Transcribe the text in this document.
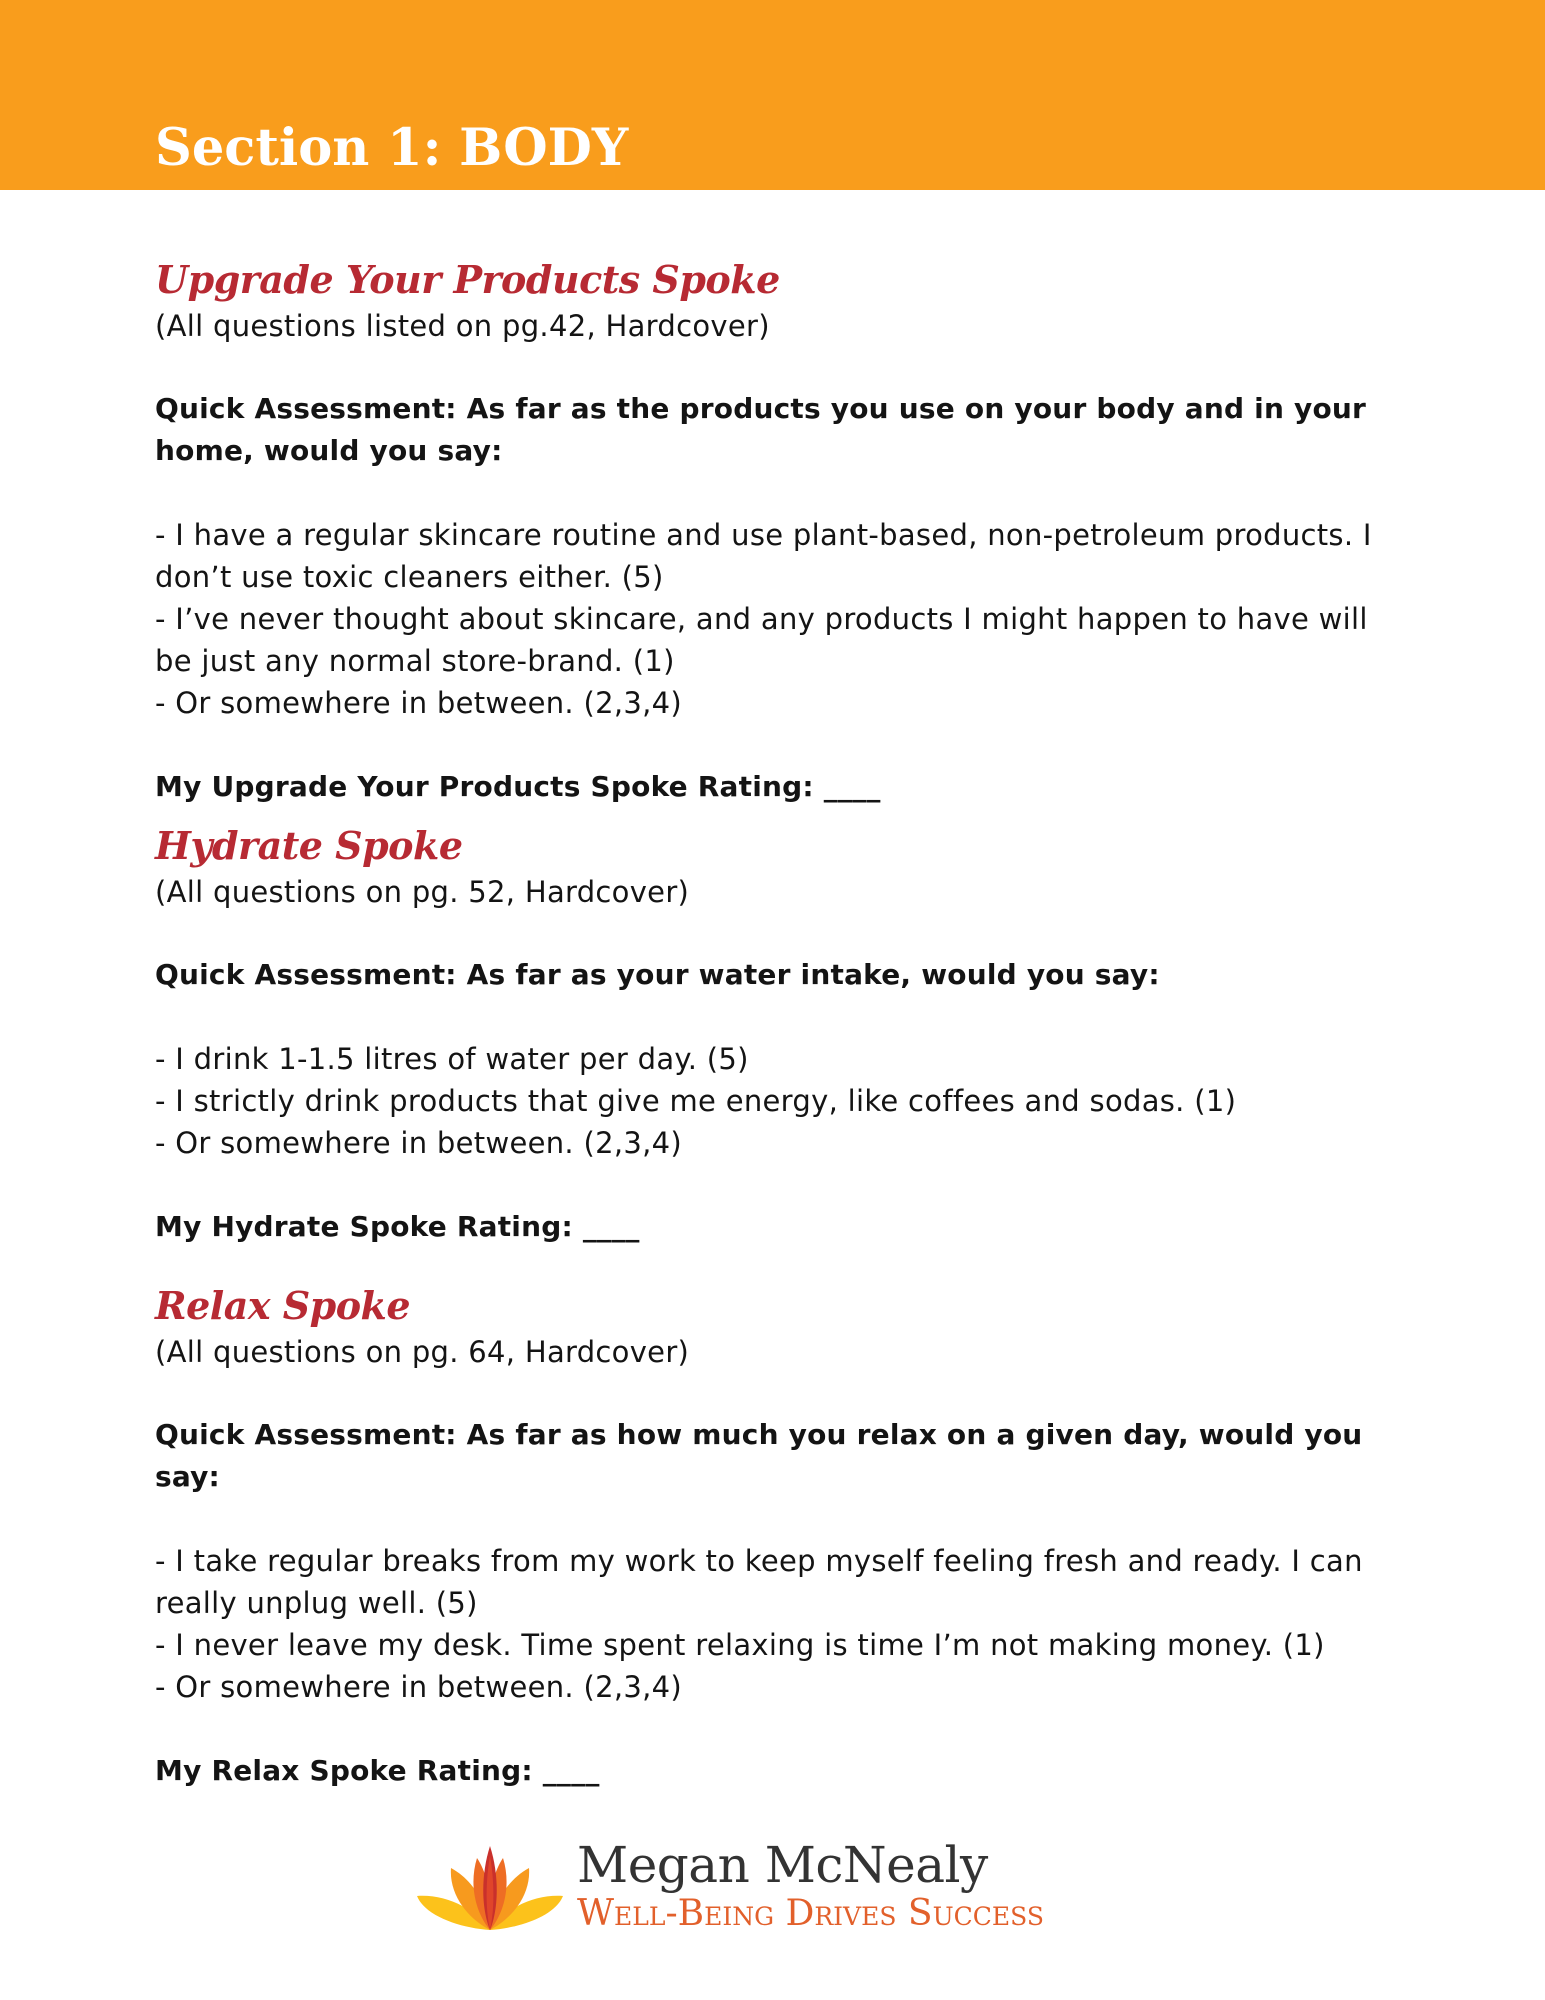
Section 1: BODY
Upgrade Your Products Spoke

(All questions listed on pg.42, Hardcover)

Quick Assessment: As far as the products you use on your body and in your home, would you say:

- I have a regular skincare routine and use plant-based, non-petroleum products. I don’t use toxic cleaners either. (5)
- I’ve never thought about skincare, and any products I might happen to have will be just any normal store-brand. (1)
- Or somewhere in between. (2,3,4)

My Upgrade Your Products Spoke Rating: ____

Hydrate Spoke

(All questions on pg. 52, Hardcover)

Quick Assessment: As far as your water intake, would you say:

- I drink 1-1.5 litres of water per day. (5)
- I strictly drink products that give me energy, like coffees and sodas. (1)
- Or somewhere in between. (2,3,4)

My Hydrate Spoke Rating: ____

Relax Spoke

(All questions on pg. 64, Hardcover)

Quick Assessment: As far as how much you relax on a given day, would you say:

- I take regular breaks from my work to keep myself feeling fresh and ready. I can really unplug well. (5)
- I never leave my desk. Time spent relaxing is time I’m not making money. (1)
- Or somewhere in between. (2,3,4)

My Relax Spoke Rating: ____

Megan McNealy

Well-Being Drives Success
